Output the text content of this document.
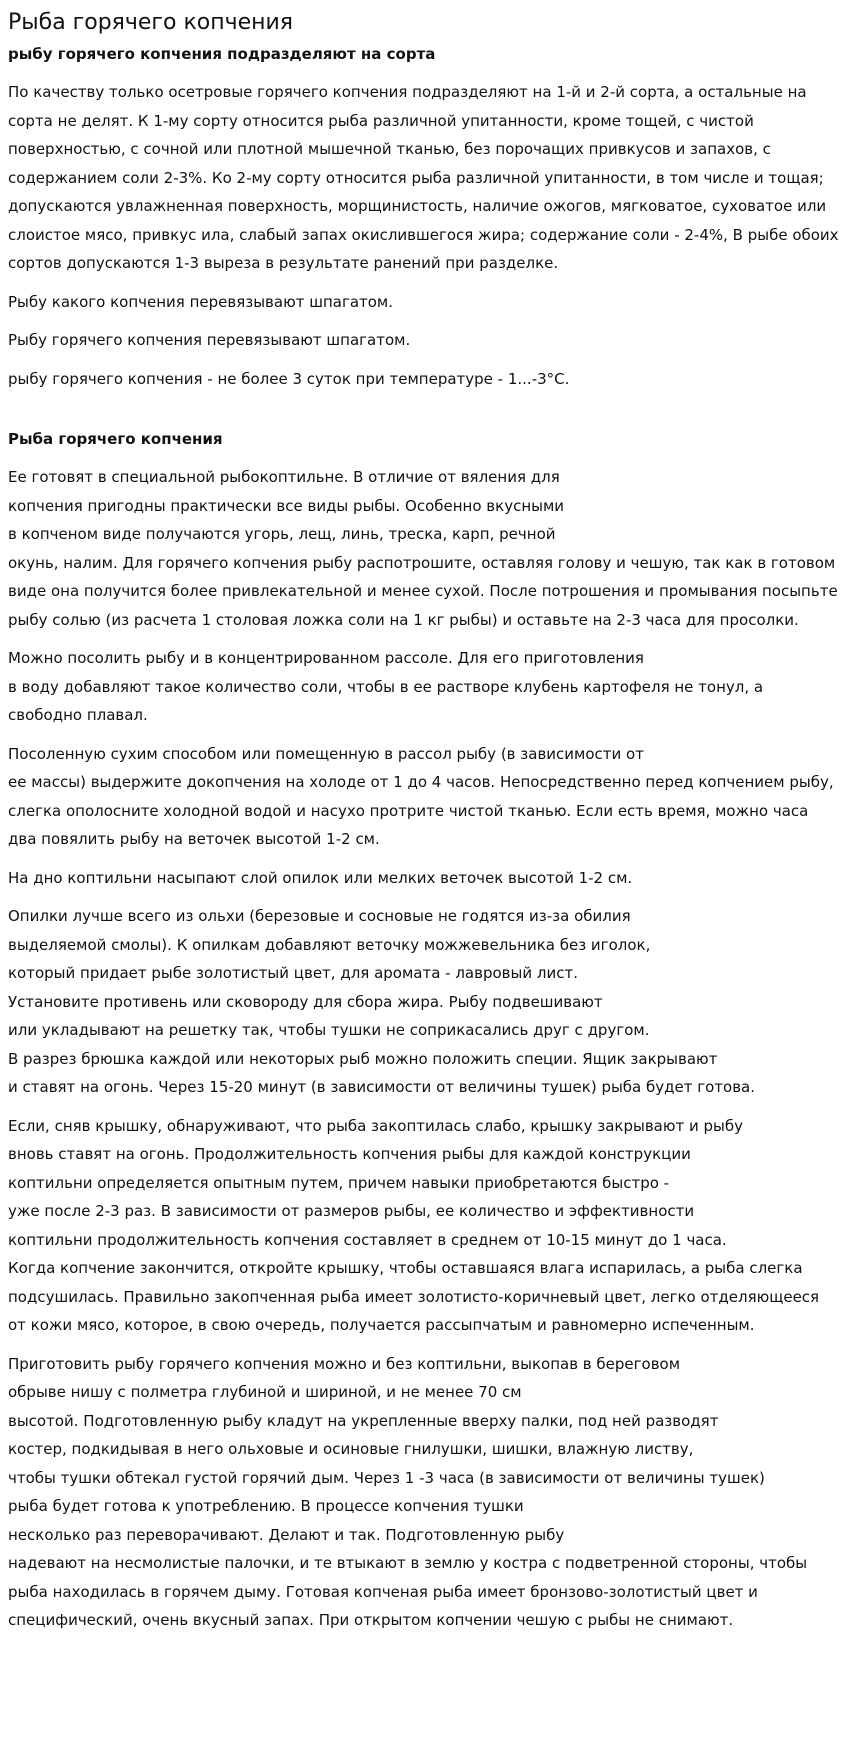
Рыба горячего копчения
рыбу горячего копчения подразделяют на сорта

По качеству только осетровые горячего копчения подразделяют на 1-й и 2-й сорта, а остальные на сорта не делят. К 1-му сорту относится рыба различной упитанности, кроме тощей, с чистой поверхностью, с сочной или плотной мышечной тканью, без порочащих привкусов и запахов, с содержанием соли 2-3%. Ко 2-му сорту относится рыба различной упитанности, в том числе и тощая; допускаются увлажненная поверхность, морщинистость, наличие ожогов, мягковатое, суховатое или слоистое мясо, привкус ила, слабый запах окислившегося жира; содержание соли - 2-4%, В рыбе обоих сортов допускаются 1-3 выреза в результате ранений при разделке.

Рыбу какого копчения перевязывают шпагатом.

Рыбу горячего копчения перевязывают шпагатом.

рыбу горячего копчения - не более 3 суток при температуре - 1...-3°С.

Рыба горячего копчения

Ее готовят в специальной рыбокоптильне. В отличие от вяления для
копчения пригодны практически все виды рыбы. Особенно вкусными
в копченом виде получаются угорь, лещ, линь, треска, карп, речной
окунь, налим. Для горячего копчения рыбу распотрошите, оставляя голову и чешую, так как в готовом виде она получится более привлекательной и менее сухой. После потрошения и промывания посыпьте рыбу солью (из расчета 1 столовая ложка соли на 1 кг рыбы) и оставьте на 2-3 часа для просолки.

Можно посолить рыбу и в концентрированном рассоле. Для его приготовления
в воду добавляют такое количество соли, чтобы в ее растворе клубень картофеля не тонул, а свободно плавал.

Посоленную сухим способом или помещенную в рассол рыбу (в зависимости от
ее массы) выдержите докопчения на холоде от 1 до 4 часов. Непосредственно перед копчением рыбу, слегка ополосните холодной водой и насухо протрите чистой тканью. Если есть время, можно часа два повялить рыбу на веточек высотой 1-2 см.

На дно коптильни насыпают слой опилок или мелких веточек высотой 1-2 см.

Опилки лучше всего из ольхи (березовые и сосновые не годятся из-за обилия
выделяемой смолы). К опилкам добавляют веточку можжевельника без иголок,
который придает рыбе золотистый цвет, для аромата - лавровый лист.
Установите противень или сковороду для сбора жира. Рыбу подвешивают
или укладывают на решетку так, чтобы тушки не соприкасались друг с другом.
В разрез брюшка каждой или некоторых рыб можно положить специи. Ящик закрывают
и ставят на огонь. Через 15-20 минут (в зависимости от величины тушек) рыба будет готова.

Если, сняв крышку, обнаруживают, что рыба закоптилась слабо, крышку закрывают и рыбу
вновь ставят на огонь. Продолжительность копчения рыбы для каждой конструкции
коптильни определяется опытным путем, причем навыки приобретаются быстро -
уже после 2-3 раз. В зависимости от размеров рыбы, ее количество и эффективности
коптильни продолжительность копчения составляет в среднем от 10-15 минут до 1 часа.
Когда копчение закончится, откройте крышку, чтобы оставшаяся влага испарилась, а рыба слегка подсушилась. Правильно закопченная рыба имеет золотисто-коричневый цвет, легко отделяющееся от кожи мясо, которое, в свою очередь, получается рассыпчатым и равномерно испеченным.

Приготовить рыбу горячего копчения можно и без коптильни, выкопав в береговом
обрыве нишу с полметра глубиной и шириной, и не менее 70 см
высотой. Подготовленную рыбу кладут на укрепленные вверху палки, под ней разводят
костер, подкидывая в него ольховые и осиновые гнилушки, шишки, влажную листву,
чтобы тушки обтекал густой горячий дым. Через 1 -3 часа (в зависимости от величины тушек)
рыба будет готова к употреблению. В процессе копчения тушки
несколько раз переворачивают. Делают и так. Подготовленную рыбу
надевают на несмолистые палочки, и те втыкают в землю у костра с подветренной стороны, чтобы рыба находилась в горячем дыму. Готовая копченая рыба имеет бронзово-золотистый цвет и специфический, очень вкусный запах. При открытом копчении чешую с рыбы не снимают.
